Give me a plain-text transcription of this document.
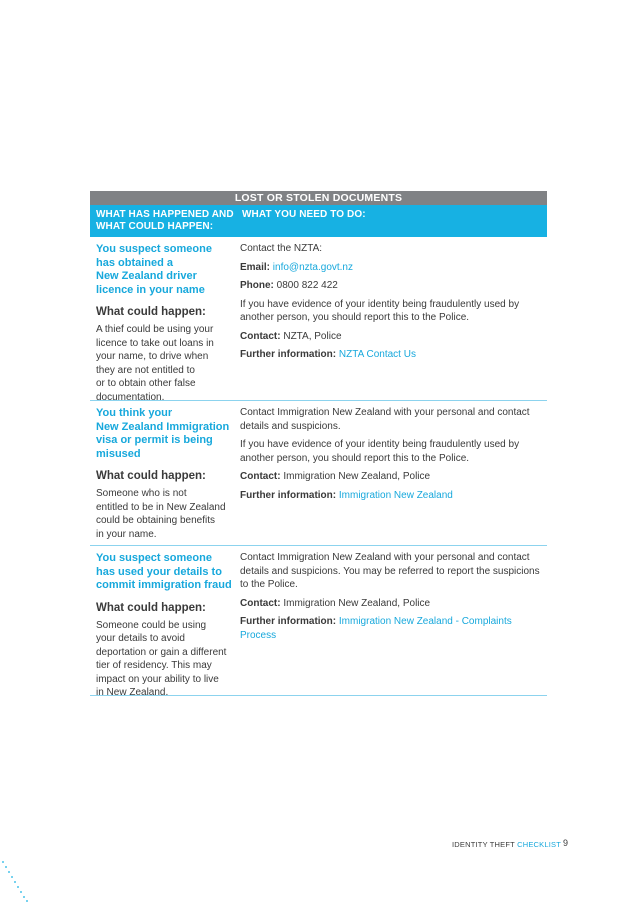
LOST OR STOLEN DOCUMENTS
WHAT HAS HAPPENED AND
WHAT COULD HAPPEN:
WHAT YOU NEED TO DO:
You suspect someone
has obtained a
New Zealand driver
licence in your name
What could happen:
A thief could be using your
licence to take out loans in
your name, to drive when
they are not entitled to
or to obtain other false
documentation.

Contact the NZTA:

Email: info@nzta.govt.nz

Phone: 0800 822 422

If you have evidence of your identity being fraudulently used by another person, you should report this to the Police.

Contact: NZTA, Police

Further information: NZTA Contact Us

You think your
New Zealand Immigration
visa or permit is being
misused
What could happen:
Someone who is not
entitled to be in New Zealand
could be obtaining benefits
in your name.

Contact Immigration New Zealand with your personal and contact details and suspicions.

If you have evidence of your identity being fraudulently used by another person, you should report this to the Police.

Contact: Immigration New Zealand, Police

Further information: Immigration New Zealand

You suspect someone
has used your details to
commit immigration fraud
What could happen:
Someone could be using
your details to avoid
deportation or gain a different
tier of residency. This may
impact on your ability to live
in New Zealand.

Contact Immigration New Zealand with your personal and contact details and suspicions. You may be referred to report the suspicions to the Police.

Contact: Immigration New Zealand, Police

Further information: Immigration New Zealand - Complaints Process

IDENTITY THEFT CHECKLIST 9
